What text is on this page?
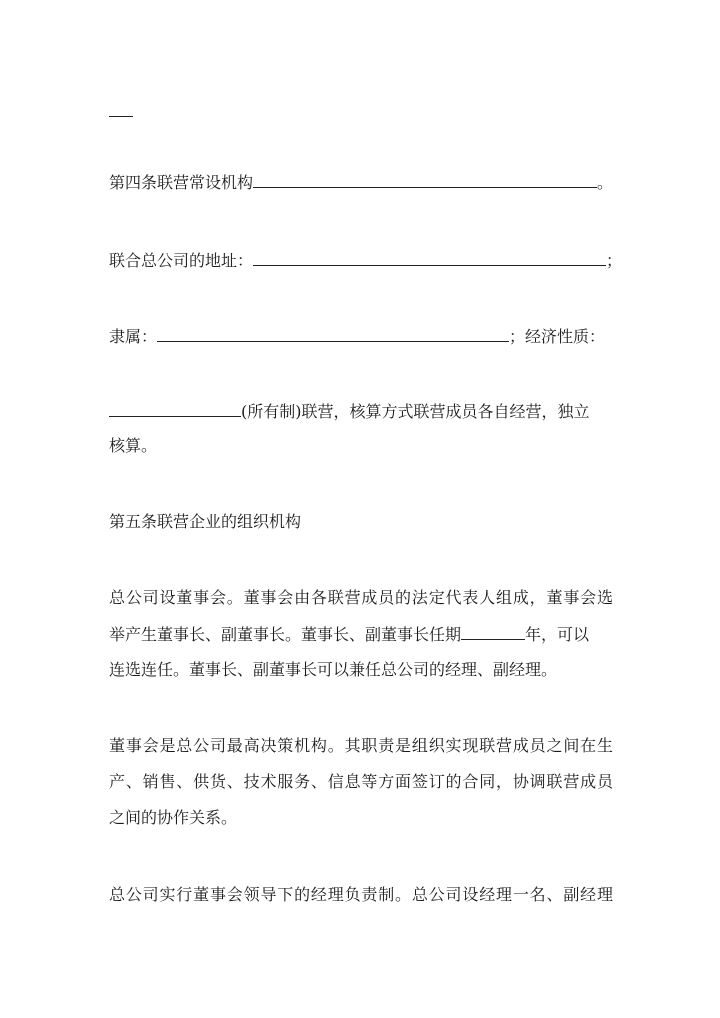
第四条联营常设机构	。
联合总公司的地址：	；
隶属：	；经济性质：
(所有制)联营，核算方式联营成员各自经营，独立
核算。
第五条联营企业的组织机构
总公司设董事会。董事会由各联营成员的法定代表人组成，董事会选
举产生董事长、副董事长。董事长、副董事长任期	年，可以
连选连任。董事长、副董事长可以兼任总公司的经理、副经理。
董事会是总公司最高决策机构。其职责是组织实现联营成员之间在生
产、销售、供货、技术服务、信息等方面签订的合同，协调联营成员
之间的协作关系。
总公司实行董事会领导下的经理负责制。总公司设经理一名、副经理
